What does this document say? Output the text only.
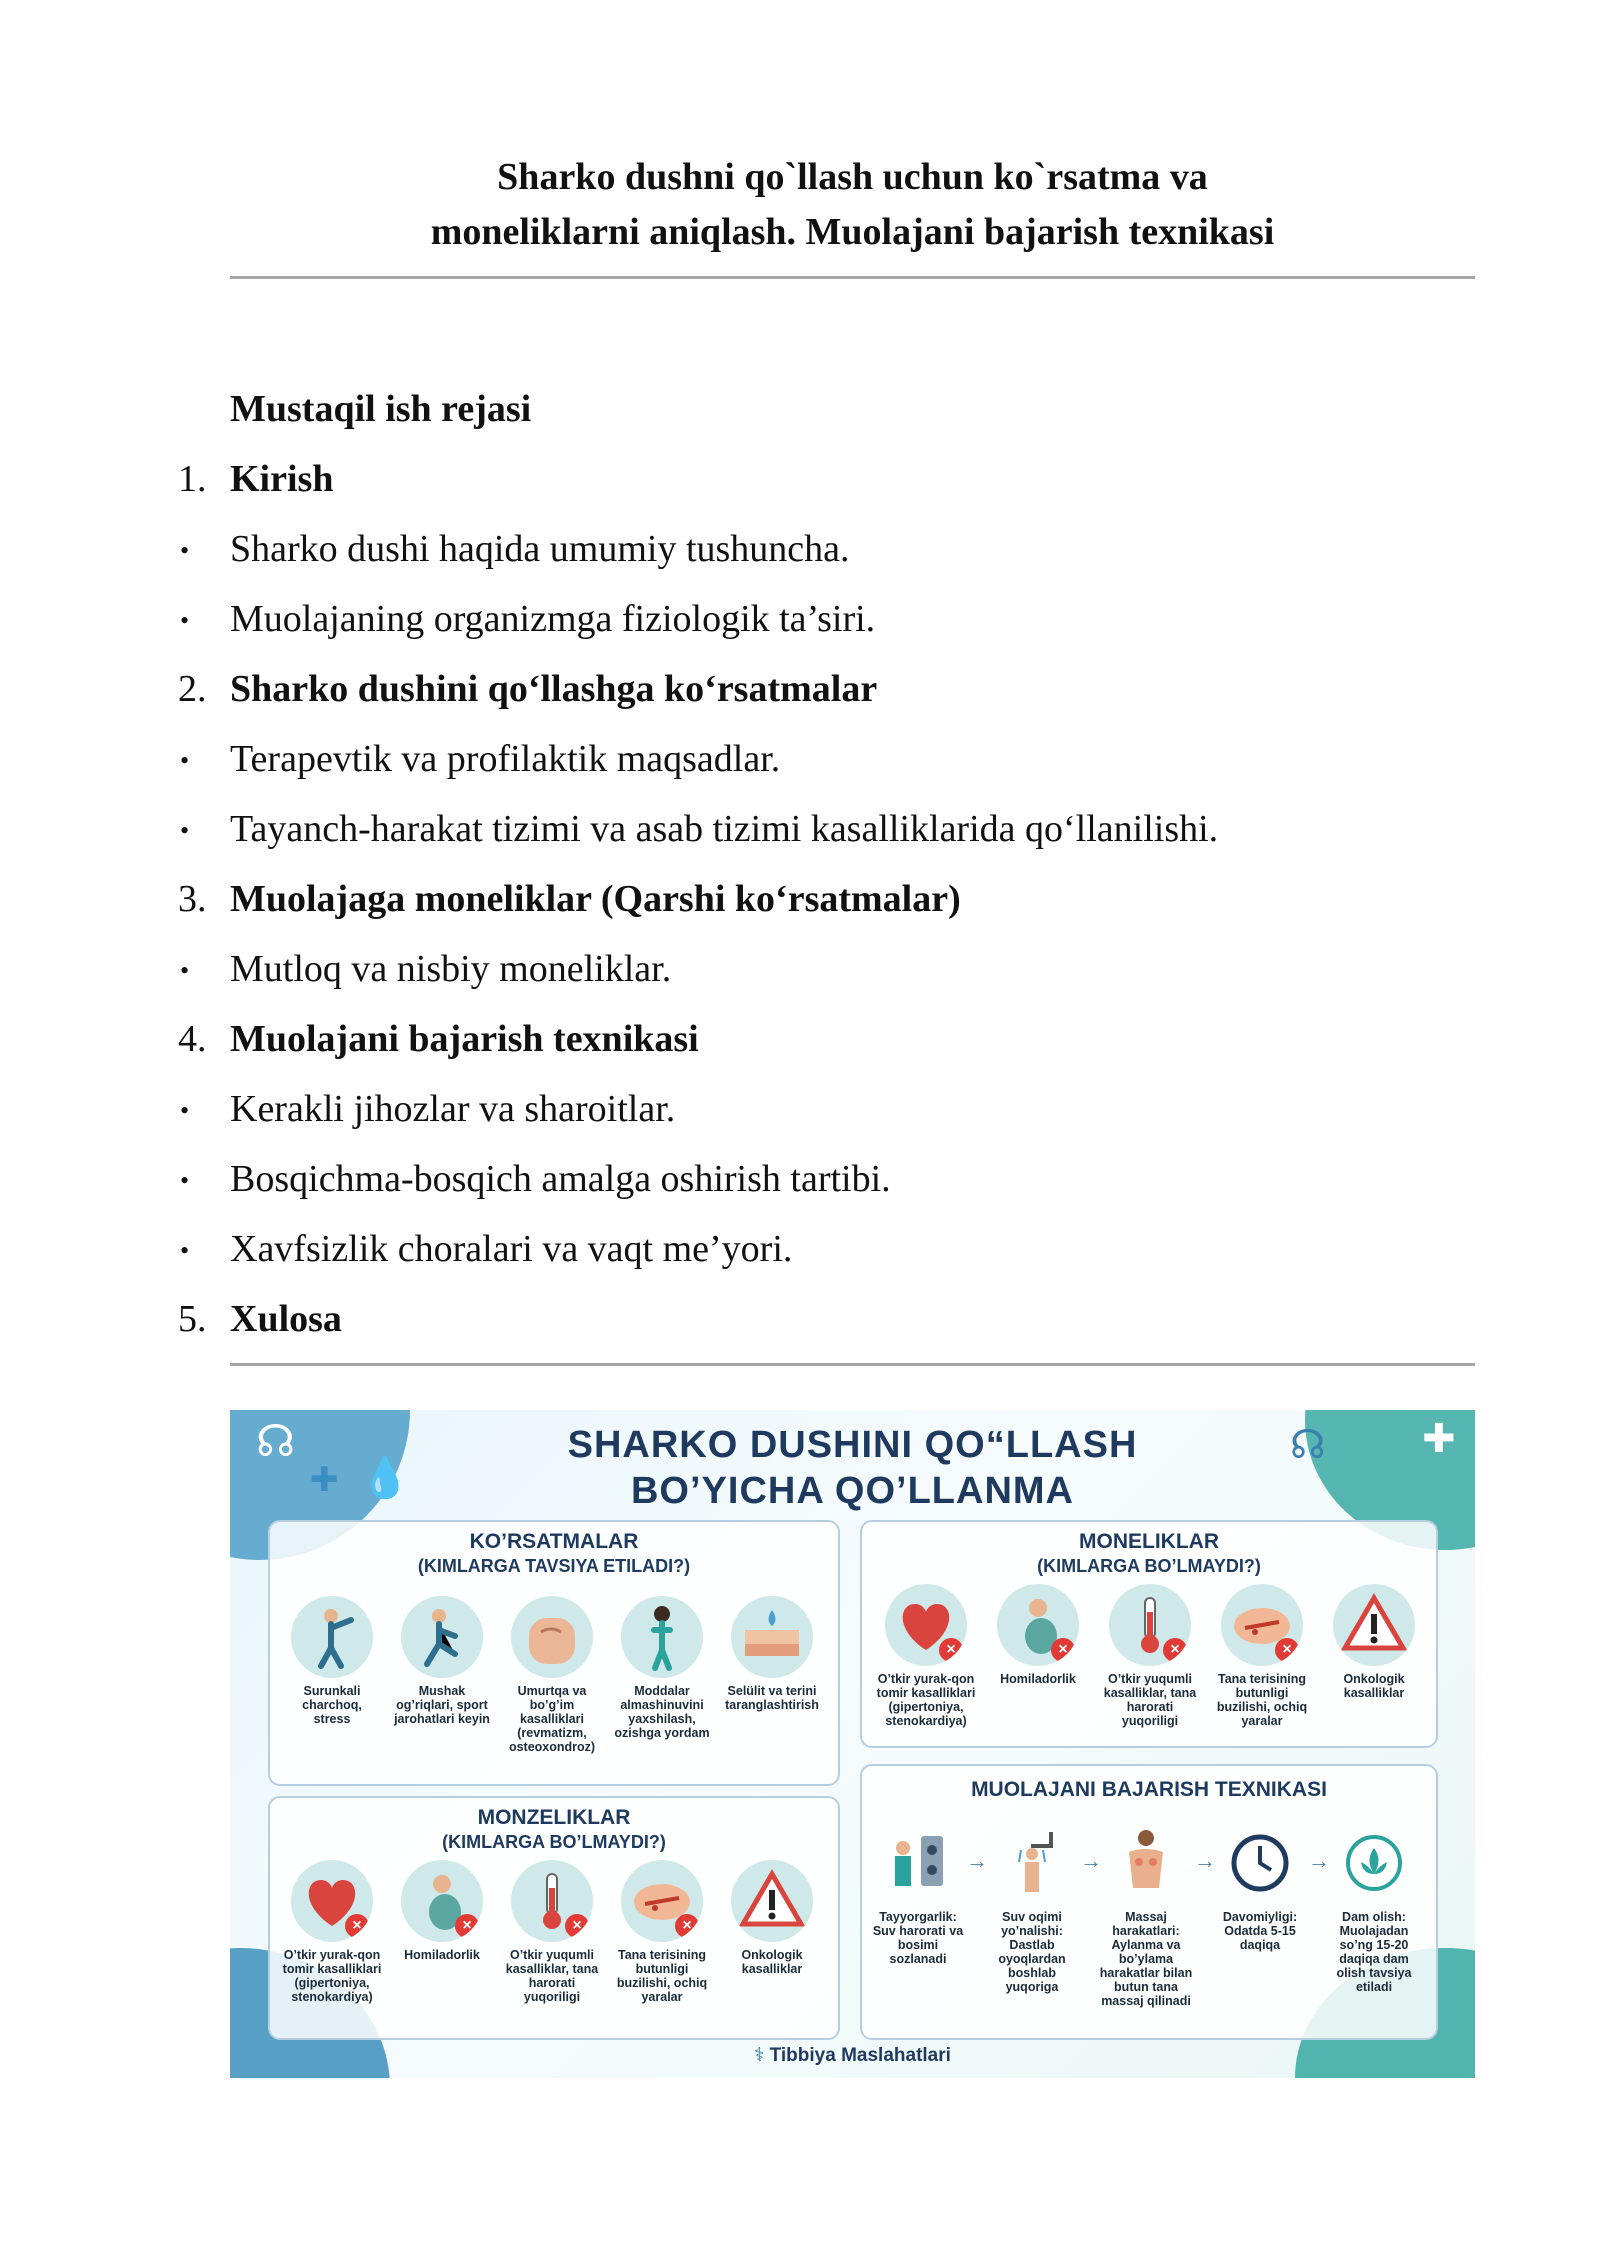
Sharko dushni qo`llash uchun ko`rsatma va
moneliklarni aniqlash. Muolajani bajarish texnikasi
Mustaqil ish rejasi
1. Kirish
•	Sharko dushi haqida umumiy tushuncha.
•	Muolajaning organizmga fiziologik ta’siri.
2. Sharko dushini qo‘llashga ko‘rsatmalar
•	Terapevtik va profilaktik maqsadlar.
•	Tayanch-harakat tizimi va asab tizimi kasalliklarida qo‘llanilishi.
3. Muolajaga moneliklar (Qarshi ko‘rsatmalar)
•	Mutloq va nisbiy moneliklar.
4. Muolajani bajarish texnikasi
•	Kerakli jihozlar va sharoitlar.
•	Bosqichma-bosqich amalga oshirish tartibi.
•	Xavfsizlik choralari va vaqt me’yori.
5. Xulosa
☊
💧
✚
✚
☊
SHARKO DUSHINI QO“LLASH
BO’YICHA QO’LLANMA
KO’RSATMALAR
(KIMLARGA TAVSIYA ETILADI?)
Surunkali charchoq, stress
Mushak og’riqlari, sport jarohatlari keyin
Umurtqa va bo’g’im kasalliklari (revmatizm, osteoxondroz)
Moddalar almashinuvini yaxshilash, ozishga yordam
Selülit va terini taranglashtirish
MONELIKLAR
(KIMLARGA BO’LMAYDI?)
×
O’tkir yurak-qon tomir kasalliklari (gipertoniya, stenokardiya)
×
Homiladorlik
×
O’tkir yuqumli kasalliklar, tana harorati yuqoriligi
×
Tana terisining butunligi buzilishi, ochiq yaralar
Onkologik kasalliklar
MONZELIKLAR
(KIMLARGA BO’LMAYDI?)
×
O’tkir yurak-qon tomir kasalliklari (gipertoniya, stenokardiya)
×
Homiladorlik
×
O’tkir yuqumli kasalliklar, tana harorati yuqoriligi
×
Tana terisining butunligi buzilishi, ochiq yaralar
Onkologik kasalliklar
MUOLAJANI BAJARISH TEXNIKASI
Tayyorgarlik: Suv harorati va bosimi sozlanadi
Suv oqimi yo’nalishi: Dastlab oyoqlardan boshlab yuqoriga
Massaj harakatlari: Aylanma va bo’ylama harakatlar bilan butun tana massaj qilinadi
Davomiyligi: Odatda 5-15 daqiqa
Dam olish: Muolajadan so’ng 15-20 daqiqa dam olish tavsiya etiladi
→	→	→	→
⚕ Tibbiya Maslahatlari
